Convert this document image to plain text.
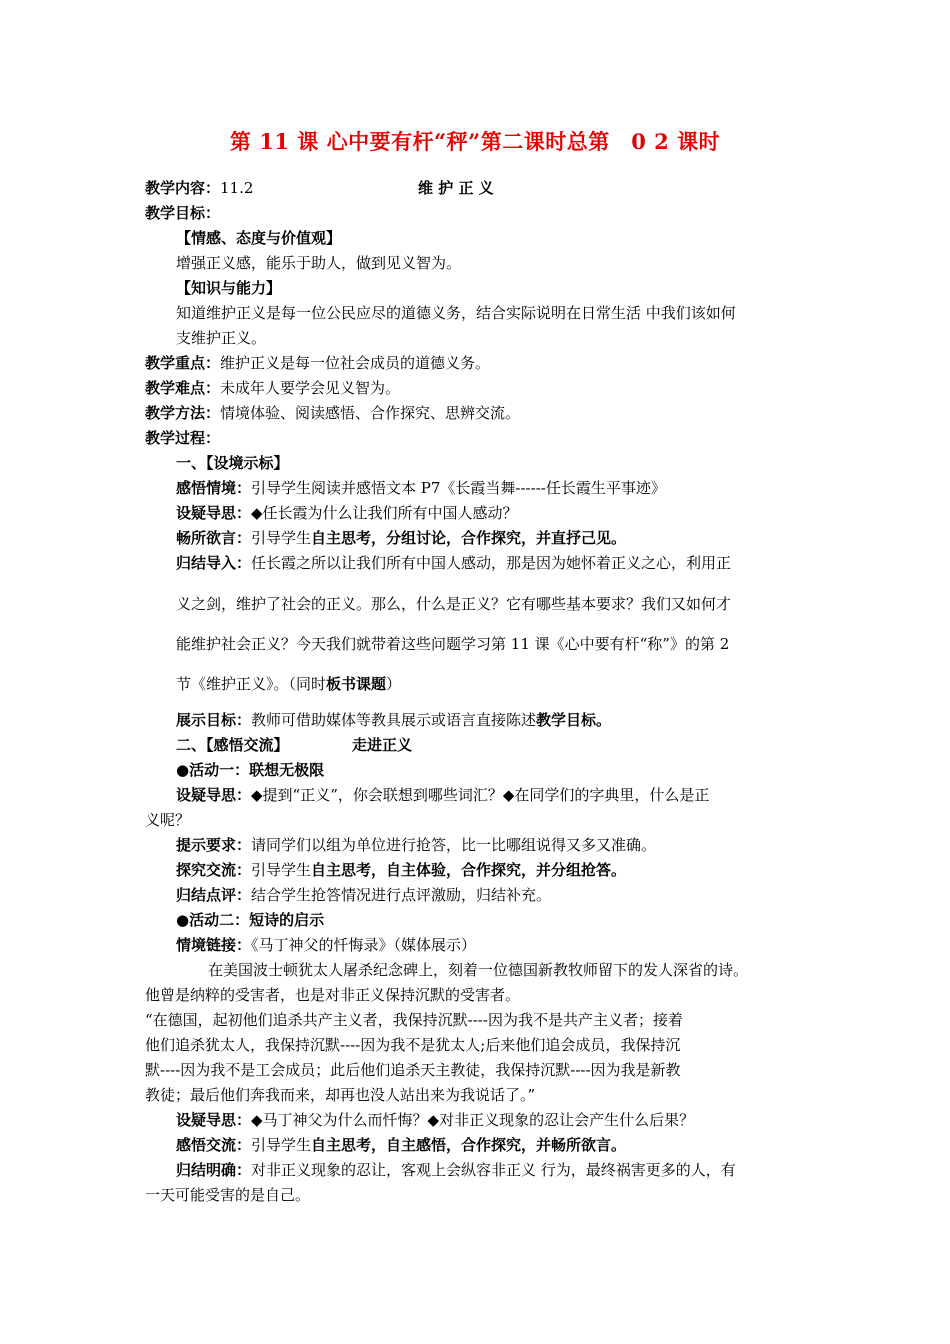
第 11 课 心中要有杆“秤”第二课时总第　0 2 课时
教学内容：11.2	维 护 正 义
教学目标：
【情感、态度与价值观】
增强正义感，能乐于助人，做到见义智为。
【知识与能力】
知道维护正义是每一位公民应尽的道德义务，结合实际说明在日常生活 中我们该如何
支维护正义。
教学重点：维护正义是每一位社会成员的道德义务。
教学难点：未成年人要学会见义智为。
教学方法：情境体验、阅读感悟、合作探究、思辨交流。
教学过程：
一、【设境示标】
感悟情境：引导学生阅读并感悟文本 P7《长霞当舞------任长霞生平事迹》
设疑导思：◆任长霞为什么让我们所有中国人感动？
畅所欲言：引导学生自主思考，分组讨论，合作探究，并直抒己见。
归结导入：任长霞之所以让我们所有中国人感动，那是因为她怀着正义之心，利用正
义之剑，维护了社会的正义。那么，什么是正义？它有哪些基本要求？我们又如何才
能维护社会正义？今天我们就带着这些问题学习第 11 课《心中要有杆“称”》的第 2
节《维护正义》。（同时板书课题）
展示目标：教师可借助媒体等教具展示或语言直接陈述教学目标。
二、【感悟交流】	走进正义
●活动一：联想无极限
设疑导思：◆提到“正义”，你会联想到哪些词汇？◆在同学们的字典里，什么是正
义呢？
提示要求：请同学们以组为单位进行抢答，比一比哪组说得又多又准确。
探究交流：引导学生自主思考，自主体验，合作探究，并分组抢答。
归结点评：结合学生抢答情况进行点评激励，归结补充。
●活动二：短诗的启示
情境链接：《马丁神父的忏悔录》（媒体展示）
在美国波士顿犹太人屠杀纪念碑上，刻着一位德国新教牧师留下的发人深省的诗。
他曾是纳粹的受害者，也是对非正义保持沉默的受害者。
“在德国，起初他们追杀共产主义者，我保持沉默----因为我不是共产主义者；接着
他们追杀犹太人，我保持沉默----因为我不是犹太人;后来他们追会成员，我保持沉
默----因为我不是工会成员；此后他们追杀天主教徒，我保持沉默----因为我是新教
教徒；最后他们奔我而来，却再也没人站出来为我说话了。”
设疑导思：◆马丁神父为什么而忏悔？◆对非正义现象的忍让会产生什么后果？
感悟交流：引导学生自主思考，自主感悟，合作探究，并畅所欲言。
归结明确：对非正义现象的忍让，客观上会纵容非正义 行为，最终祸害更多的人，有
一天可能受害的是自己。
